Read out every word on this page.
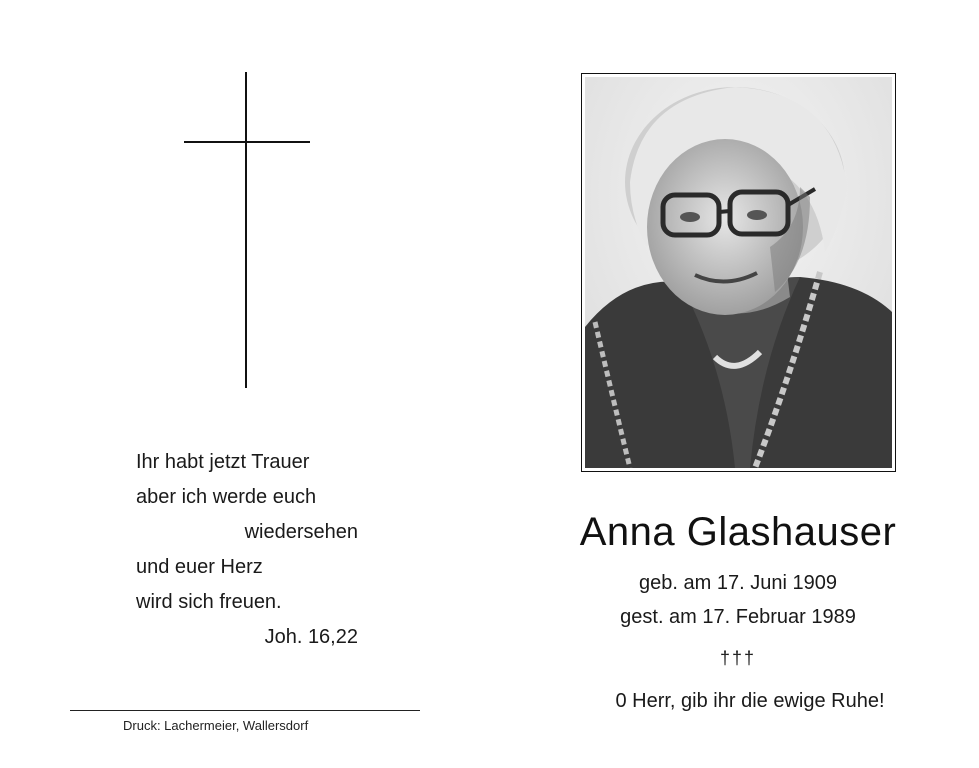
Ihr habt jetzt Trauer
aber ich werde euch
wiedersehen
und euer Herz
wird sich freuen.
Joh. 16,22
Druck: Lachermeier, Wallersdorf
Anna Glashauser
geb. am 17. Juni 1909
gest. am 17. Februar 1989
†††
0 Herr, gib ihr die ewige Ruhe!
